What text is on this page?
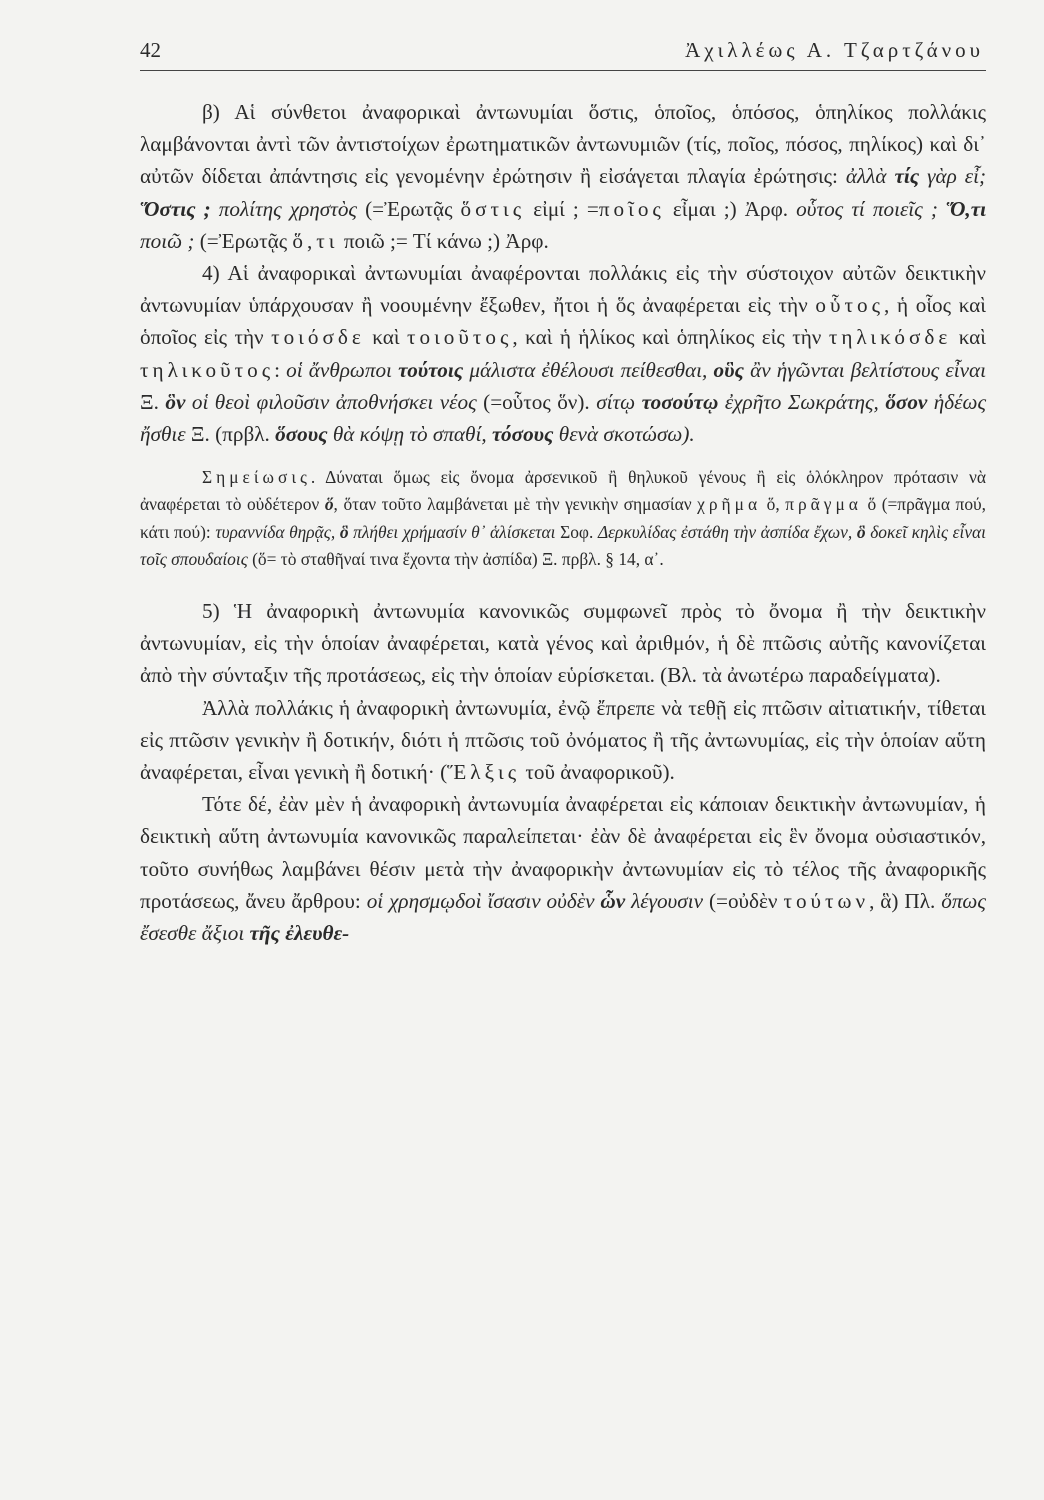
42	Ἀχιλλέως Α. Τζαρτζάνου

β) Αἱ σύνθετοι ἀναφορικαὶ ἀντωνυμίαι ὅστις, ὁποῖος, ὁπόσος, ὁπηλίκος πολλάκις λαμβάνονται ἀντὶ τῶν ἀντιστοίχων ἐρωτηματικῶν ἀντωνυμιῶν (τίς, ποῖος, πόσος, πηλίκος) καὶ δι᾽ αὐτῶν δίδεται ἀπάντησις εἰς γενομένην ἐρώτησιν ἢ εἰσάγεται πλαγία ἐρώτησις: ἀλλὰ τίς γὰρ εἶ; Ὅστις ; πολίτης χρηστὸς (=Ἐρωτᾷς ὅστις εἰμί ; =ποῖος εἶμαι ;) Ἀρφ. οὗτος τί ποιεῖς ; Ὅ,τι ποιῶ ; (=Ἐρωτᾷς ὅ,τι ποιῶ ;= Τί κάνω ;) Ἀρφ.

4) Αἱ ἀναφορικαὶ ἀντωνυμίαι ἀναφέρονται πολλάκις εἰς τὴν σύστοιχον αὐτῶν δεικτικὴν ἀντωνυμίαν ὑπάρχουσαν ἢ νοουμένην ἔξωθεν, ἤτοι ἡ ὅς ἀναφέρεται εἰς τὴν οὗτος, ἡ οἷος καὶ ὁποῖος εἰς τὴν τοιόσδε καὶ τοιοῦτος, καὶ ἡ ἡλίκος καὶ ὁπηλίκος εἰς τὴν τηλικόσδε καὶ τηλικοῦτος: οἱ ἄνθρωποι τούτοις μάλιστα ἐθέλουσι πείθεσθαι, οὓς ἂν ἡγῶνται βελτίστους εἶναι Ξ. ὃν οἱ θεοὶ φιλοῦσιν ἀποθνήσκει νέος (=οὗτος ὅν). σίτῳ τοσούτῳ ἐχρῆτο Σωκράτης, ὅσον ἡδέως ἤσθιε Ξ. (πρβλ. ὅσους θὰ κόψῃ τὸ σπαθί, τόσους θενὰ σκοτώσω).

Σημείωσις. Δύναται ὅμως εἰς ὄνομα ἀρσενικοῦ ἢ θηλυκοῦ γένους ἢ εἰς ὁλόκληρον πρότασιν νὰ ἀναφέρεται τὸ οὐδέτερον ὅ, ὅταν τοῦτο λαμβάνεται μὲ τὴν γενικὴν σημασίαν χρῆμα ὅ, πρᾶγμα ὅ (=πρᾶγμα πού, κάτι πού): τυραννίδα θηρᾷς, ὃ πλήθει χρήμασίν θ᾽ ἁλίσκεται Σοφ. Δερκυλίδας ἐστάθη τὴν ἀσπίδα ἔχων, ὃ δοκεῖ κηλὶς εἶναι τοῖς σπουδαίοις (ὅ= τὸ σταθῆναί τινα ἔχοντα τὴν ἀσπίδα) Ξ. πρβλ. § 14, α᾽.

5) Ἡ ἀναφορικὴ ἀντωνυμία κανονικῶς συμφωνεῖ πρὸς τὸ ὄνομα ἢ τὴν δεικτικὴν ἀντωνυμίαν, εἰς τὴν ὁποίαν ἀναφέρεται, κατὰ γένος καὶ ἀριθμόν, ἡ δὲ πτῶσις αὐτῆς κανονίζεται ἀπὸ τὴν σύνταξιν τῆς προτάσεως, εἰς τὴν ὁποίαν εὑρίσκεται. (Βλ. τὰ ἀνωτέρω παραδείγματα).

Ἀλλὰ πολλάκις ἡ ἀναφορικὴ ἀντωνυμία, ἐνῷ ἔπρεπε νὰ τεθῇ εἰς πτῶσιν αἰτιατικήν, τίθεται εἰς πτῶσιν γενικὴν ἢ δοτικήν, διότι ἡ πτῶσις τοῦ ὀνόματος ἢ τῆς ἀντωνυμίας, εἰς τὴν ὁποίαν αὕτη ἀναφέρεται, εἶναι γενικὴ ἢ δοτική· (Ἕλξις τοῦ ἀναφορικοῦ).

Τότε δέ, ἐὰν μὲν ἡ ἀναφορικὴ ἀντωνυμία ἀναφέρεται εἰς κάποιαν δεικτικὴν ἀντωνυμίαν, ἡ δεικτικὴ αὕτη ἀντωνυμία κανονικῶς παραλείπεται· ἐὰν δὲ ἀναφέρεται εἰς ἓν ὄνομα οὐσιαστικόν, τοῦτο συνήθως λαμβάνει θέσιν μετὰ τὴν ἀναφορικὴν ἀντωνυμίαν εἰς τὸ τέλος τῆς ἀναφορικῆς προτάσεως, ἄνευ ἄρθρου: οἱ χρησμῳδοὶ ἴσασιν οὐδὲν ὧν λέγουσιν (=οὐδὲν τούτων, ἃ) Πλ. ὅπως ἔσεσθε ἄξιοι τῆς ἐλευθε-
